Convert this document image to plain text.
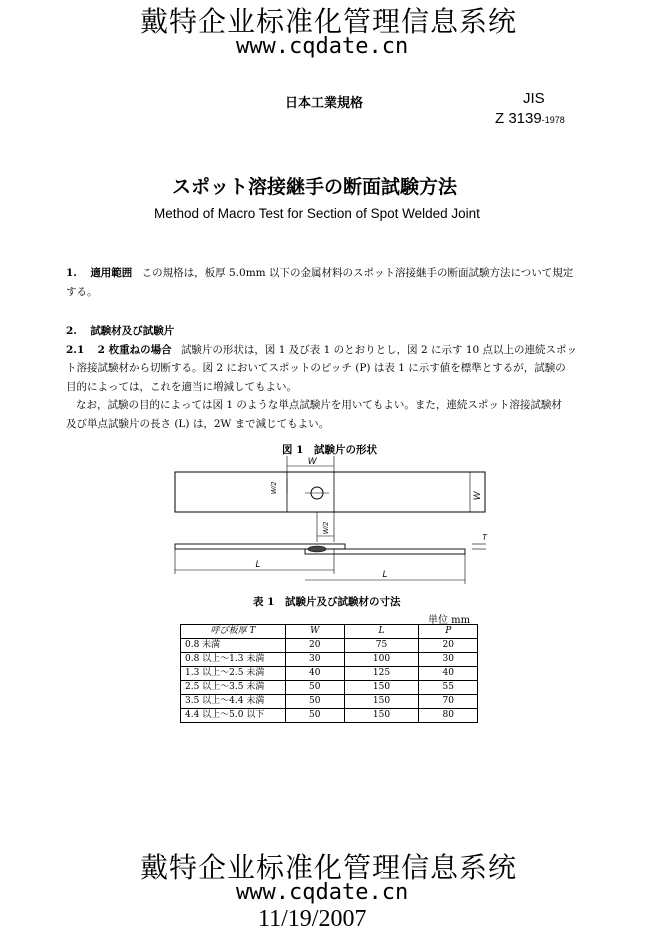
戴特企业标准化管理信息系统
www.cqdate.cn
日本工業規格	JIS
Z 3139-1978
スポット溶接継手の断面試験方法
Method of Macro Test for Section of Spot Welded Joint
1. 適用範囲 この規格は，板厚 5.0mm 以下の金属材料のスポット溶接継手の断面試験方法について規定
する。
2. 試験材及び試験片
2.1 2 枚重ねの場合 試験片の形状は，図 1 及び表 1 のとおりとし，図 2 に示す 10 点以上の連続スポッ
ト溶接試験材から切断する。図 2 においてスポットのピッチ (P) は表 1 に示す値を標準とするが，試験の
目的によっては，これを適当に増減してもよい。
なお，試験の目的によっては図 1 のような単点試験片を用いてもよい。また，連続スポット溶接試験材
及び単点試験片の長さ (L) は，2W まで減じてもよい。
図 1　試験片の形状
W
W/2
W
W/2
T
L
L
表 1　試験片及び試験材の寸法
単位 mm
呼び板厚 T	W	L	P
0.8 未満	20	75	20
0.8 以上〜1.3 未満	30	100	30
1.3 以上〜2.5 未満	40	125	40
2.5 以上〜3.5 未満	50	150	55
3.5 以上〜4.4 未満	50	150	70
4.4 以上〜5.0 以下	50	150	80
戴特企业标准化管理信息系统
www.cqdate.cn
11/19/2007
